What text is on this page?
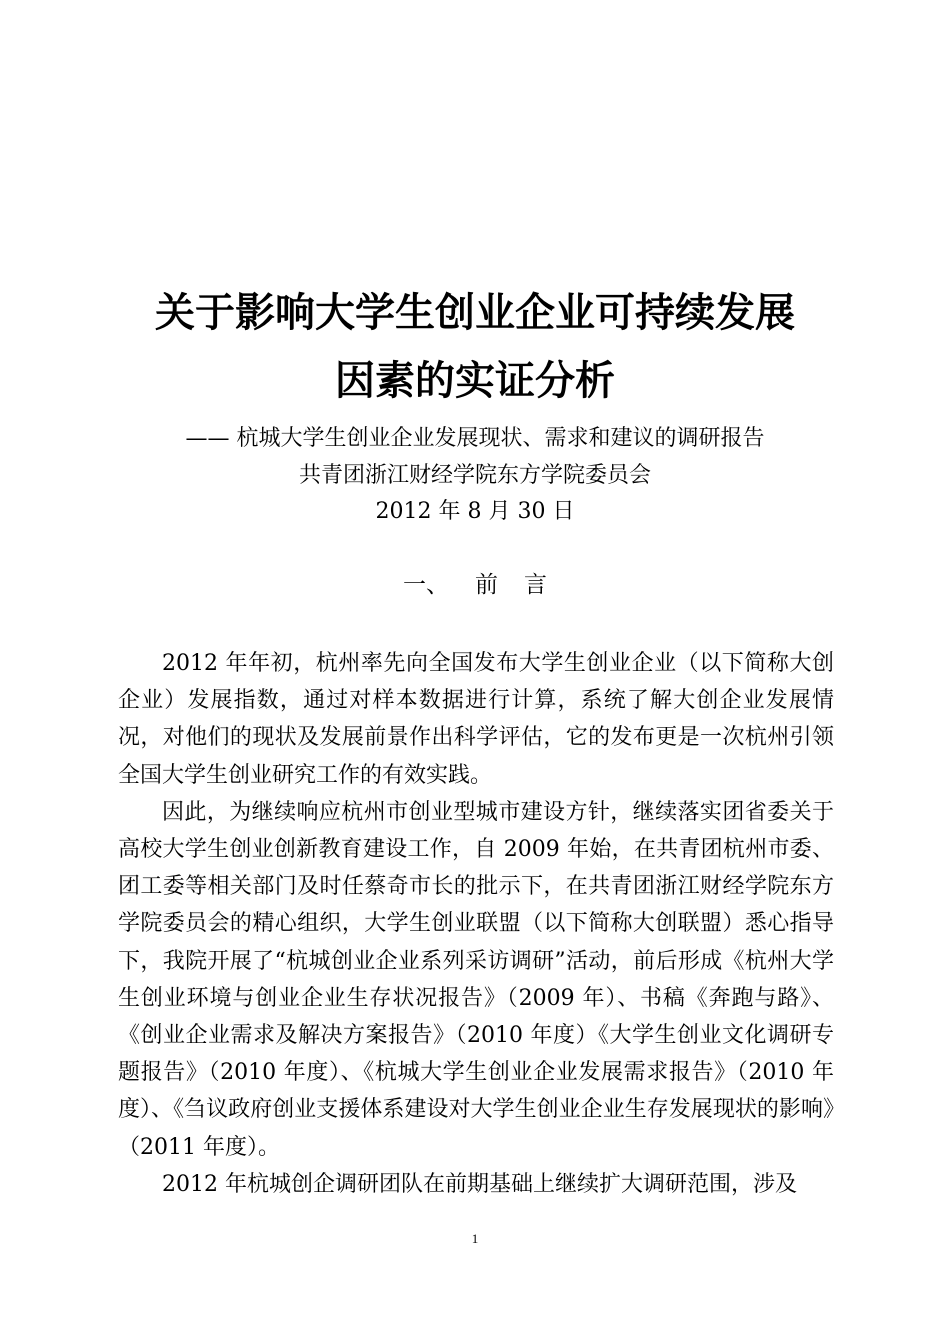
关于影响大学生创业企业可持续发展
因素的实证分析
—— 杭城大学生创业企业发展现状、需求和建议的调研报告
共青团浙江财经学院东方学院委员会
2012 年 8 月 30 日
一、 前 言

2012 年年初，杭州率先向全国发布大学生创业企业（以下简称大创企业）发展指数，通过对样本数据进行计算，系统了解大创企业发展情况，对他们的现状及发展前景作出科学评估，它的发布更是一次杭州引领全国大学生创业研究工作的有效实践。

因此，为继续响应杭州市创业型城市建设方针，继续落实团省委关于高校大学生创业创新教育建设工作，自 2009 年始，在共青团杭州市委、团工委等相关部门及时任蔡奇市长的批示下，在共青团浙江财经学院东方学院委员会的精心组织，大学生创业联盟（以下简称大创联盟）悉心指导下，我院开展了“杭城创业企业系列采访调研”活动，前后形成《杭州大学生创业环境与创业企业生存状况报告》（2009 年）、书稿《奔跑与路》、《创业企业需求及解决方案报告》（2010 年度）《大学生创业文化调研专题报告》（2010 年度）、《杭城大学生创业企业发展需求报告》（2010 年度）、《刍议政府创业支援体系建设对大学生创业企业生存发展现状的影响》（2011 年度）。

2012 年杭城创企调研团队在前期基础上继续扩大调研范围，涉及

1
